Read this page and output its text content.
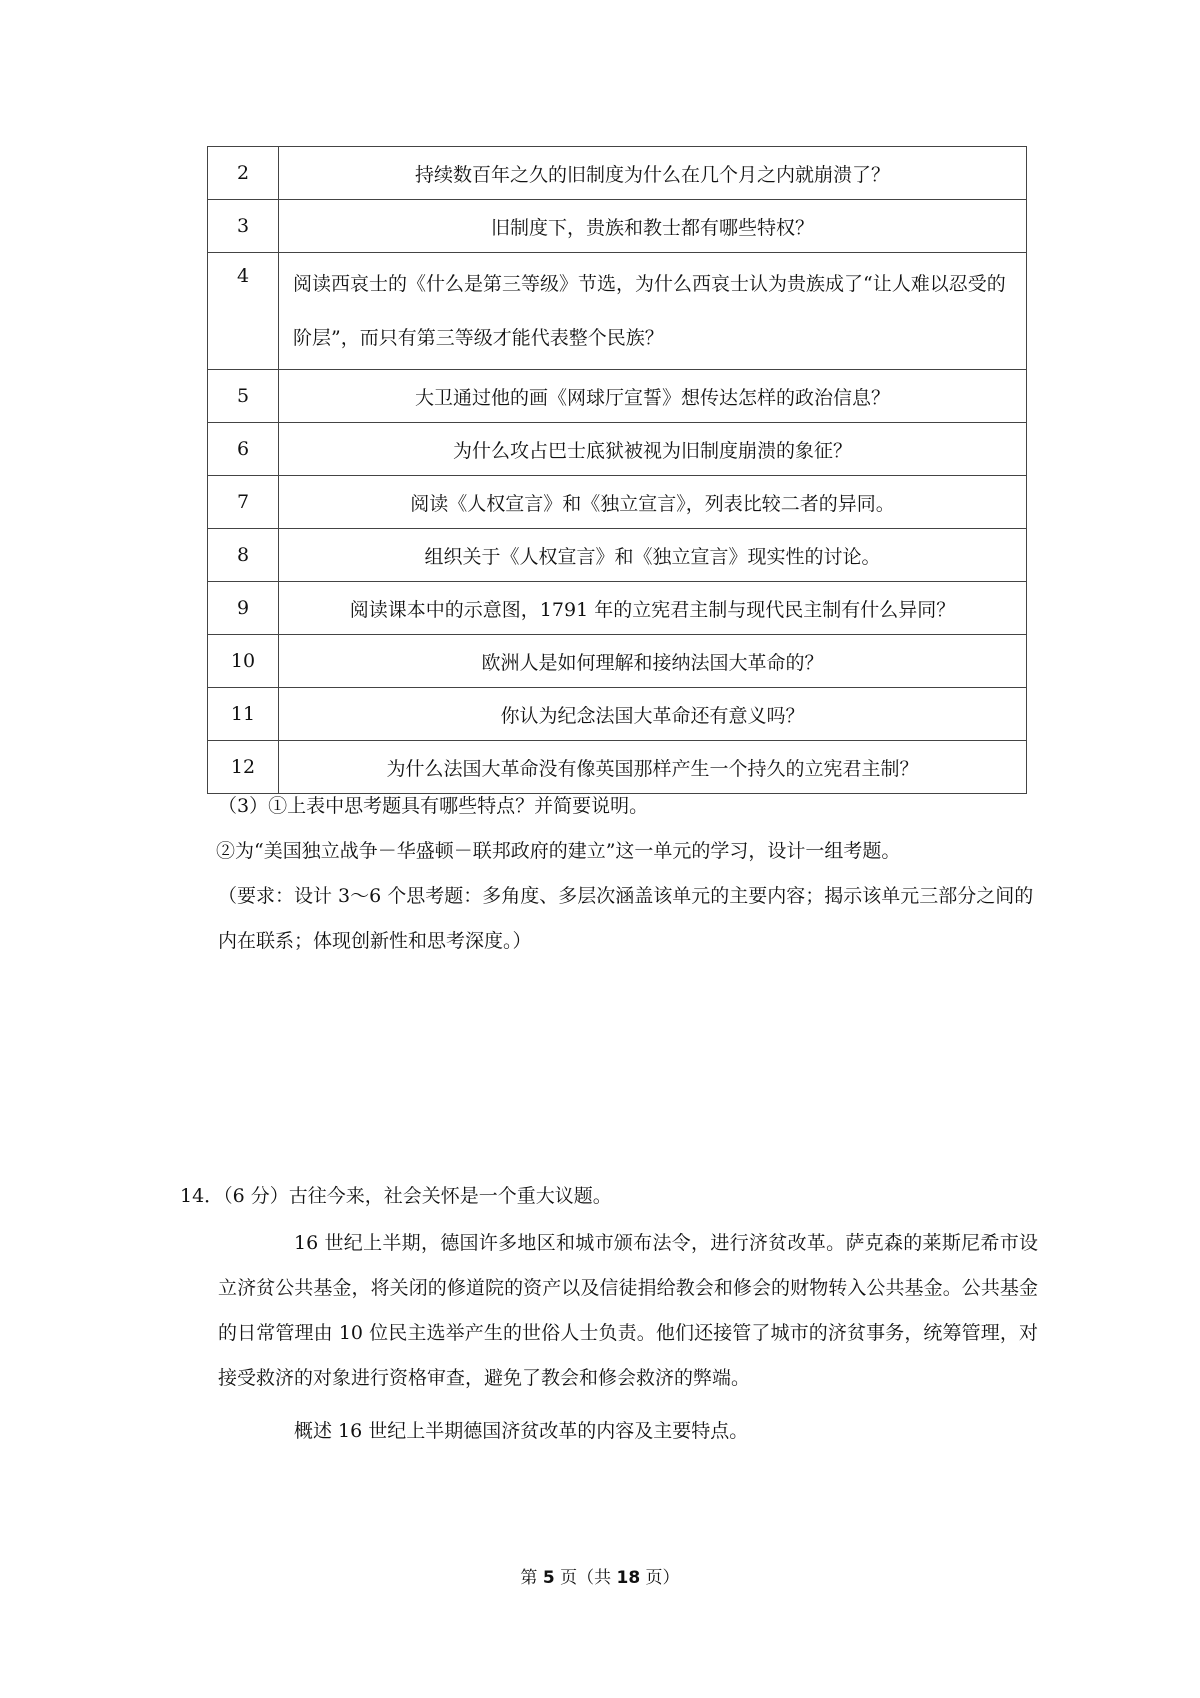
2	持续数百年之久的旧制度为什么在几个月之内就崩溃了？
3	旧制度下，贵族和教士都有哪些特权？
4	阅读西哀士的《什么是第三等级》节选，为什么西哀士认为贵族成了“让人难以忍受的阶层”，而只有第三等级才能代表整个民族？
5	大卫通过他的画《网球厅宣誓》想传达怎样的政治信息？
6	为什么攻占巴士底狱被视为旧制度崩溃的象征？
7	阅读《人权宣言》和《独立宣言》，列表比较二者的异同。
8	组织关于《人权宣言》和《独立宣言》现实性的讨论。
9	阅读课本中的示意图，1791 年的立宪君主制与现代民主制有什么异同？
10	欧洲人是如何理解和接纳法国大革命的？
11	你认为纪念法国大革命还有意义吗？
12	为什么法国大革命没有像英国那样产生一个持久的立宪君主制？

（3）①上表中思考题具有哪些特点？并简要说明。

②为“美国独立战争－华盛顿－联邦政府的建立”这一单元的学习，设计一组考题。

（要求：设计 3～6 个思考题：多角度、多层次涵盖该单元的主要内容；揭示该单元三部分之间的内在联系；体现创新性和思考深度。）

14．（6 分）古往今来，社会关怀是一个重大议题。

16 世纪上半期，德国许多地区和城市颁布法令，进行济贫改革。萨克森的莱斯尼希市设立济贫公共基金，将关闭的修道院的资产以及信徒捐给教会和修会的财物转入公共基金。公共基金的日常管理由 10 位民主选举产生的世俗人士负责。他们还接管了城市的济贫事务，统筹管理，对接受救济的对象进行资格审查，避免了教会和修会救济的弊端。

概述 16 世纪上半期德国济贫改革的内容及主要特点。

第 5 页（共 18 页）
